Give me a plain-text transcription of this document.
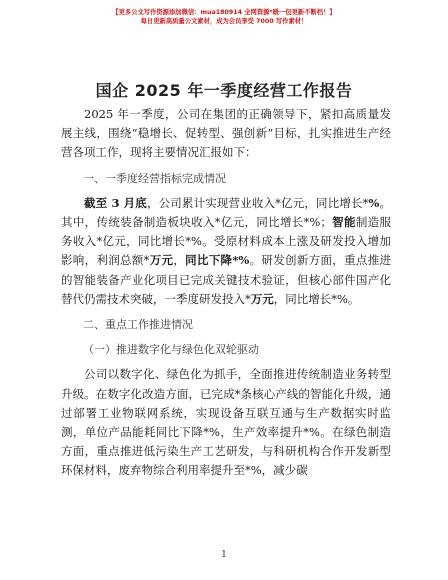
【更多公文写作资源添加微信：mua180914 全网资源*暖一包更新不断档！】
每日更新高质量公文素材，成为会员享受 7000 写作素材！
国企 2025 年一季度经营工作报告

2025 年一季度，公司在集团的正确领导下，紧扣高质量发展主线，围绕“稳增长、促转型、强创新”目标，扎实推进生产经营各项工作，现将主要情况汇报如下：

一、一季度经营指标完成情况

截至 3 月底，公司累计实现营业收入*亿元，同比增长*%。其中，传统装备制造板块收入*亿元，同比增长*%；智能制造服务收入*亿元，同比增长*%。受原材料成本上涨及研发投入增加影响，利润总额*万元，同比下降*%。研发创新方面，重点推进的智能装备产业化项目已完成关键技术验证，但核心部件国产化替代仍需技术突破，一季度研发投入*万元，同比增长*%。

二、重点工作推进情况

（一）推进数字化与绿色化双轮驱动

公司以数字化、绿色化为抓手，全面推进传统制造业务转型升级。在数字化改造方面，已完成*条核心产线的智能化升级，通过部署工业物联网系统，实现设备互联互通与生产数据实时监测，单位产品能耗同比下降*%，生产效率提升*%。在绿色制造方面，重点推进低污染生产工艺研发，与科研机构合作开发新型环保材料，废弃物综合利用率提升至*%，减少碳

1
